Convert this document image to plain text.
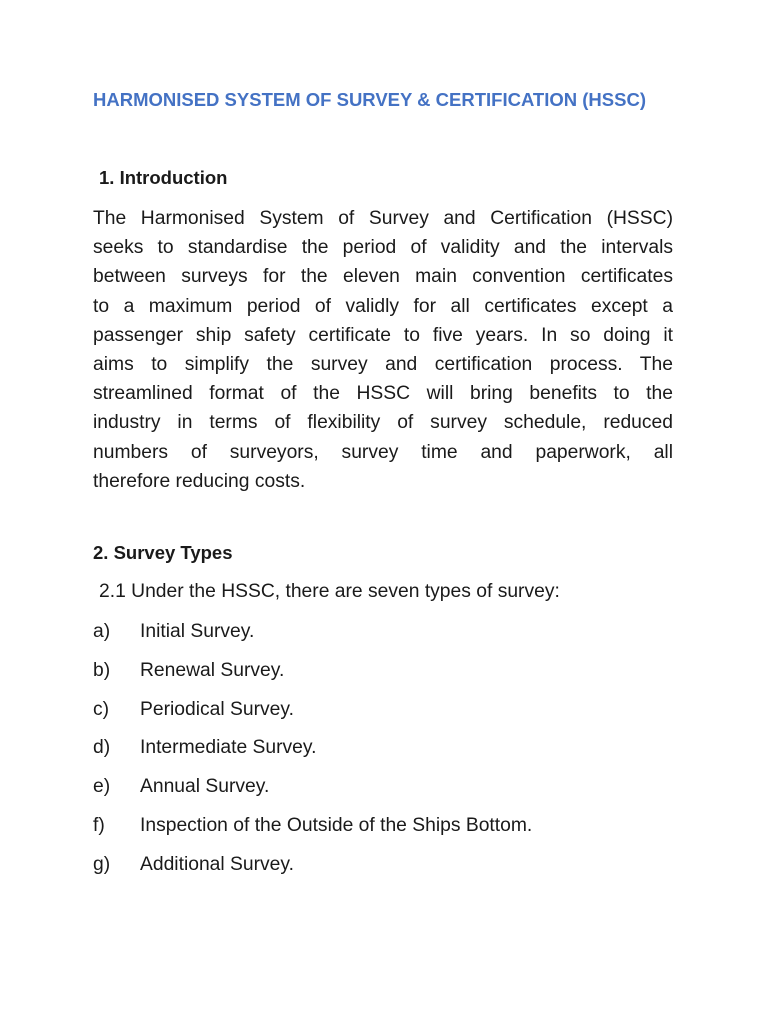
HARMONISED SYSTEM OF SURVEY & CERTIFICATION (HSSC)
1. Introduction
The Harmonised System of Survey and Certification (HSSC)
seeks to standardise the period of validity and the intervals
between surveys for the eleven main convention certificates
to a maximum period of validly for all certificates except a
passenger ship safety certificate to five years. In so doing it
aims to simplify the survey and certification process. The
streamlined format of the HSSC will bring benefits to the
industry in terms of flexibility of survey schedule, reduced
numbers of surveyors, survey time and paperwork, all
therefore reducing costs.
2. Survey Types

2.1 Under the HSSC, there are seven types of survey:

a) Initial Survey.
b) Renewal Survey.
c) Periodical Survey.
d) Intermediate Survey.
e) Annual Survey.
f) Inspection of the Outside of the Ships Bottom.
g) Additional Survey.
